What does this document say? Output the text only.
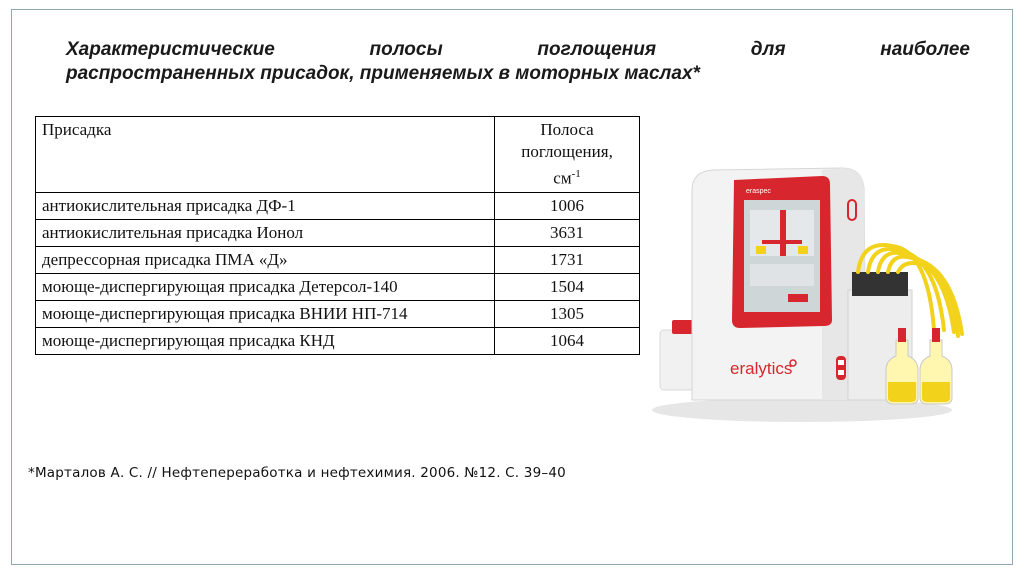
Характеристические полосы поглощения для наиболее
распространенных присадок, применяемых в моторных маслах*
Присадка	Полоса
поглощения,
$см^{-1}$
антиокислительная присадка ДФ-1	1006
антиокислительная присадка Ионол	3631
депрессорная присадка ПМА «Д»	1731
моюще-диспергирующая присадка Детерсол-140	1504
моюще-диспергирующая присадка ВНИИ НП-714	1305
моюще-диспергирующая присадка КНД	1064
eraspec
eralytics
*Марталов А. С. // Нефтепереработка и нефтехимия. 2006. №12. С. 39–40
